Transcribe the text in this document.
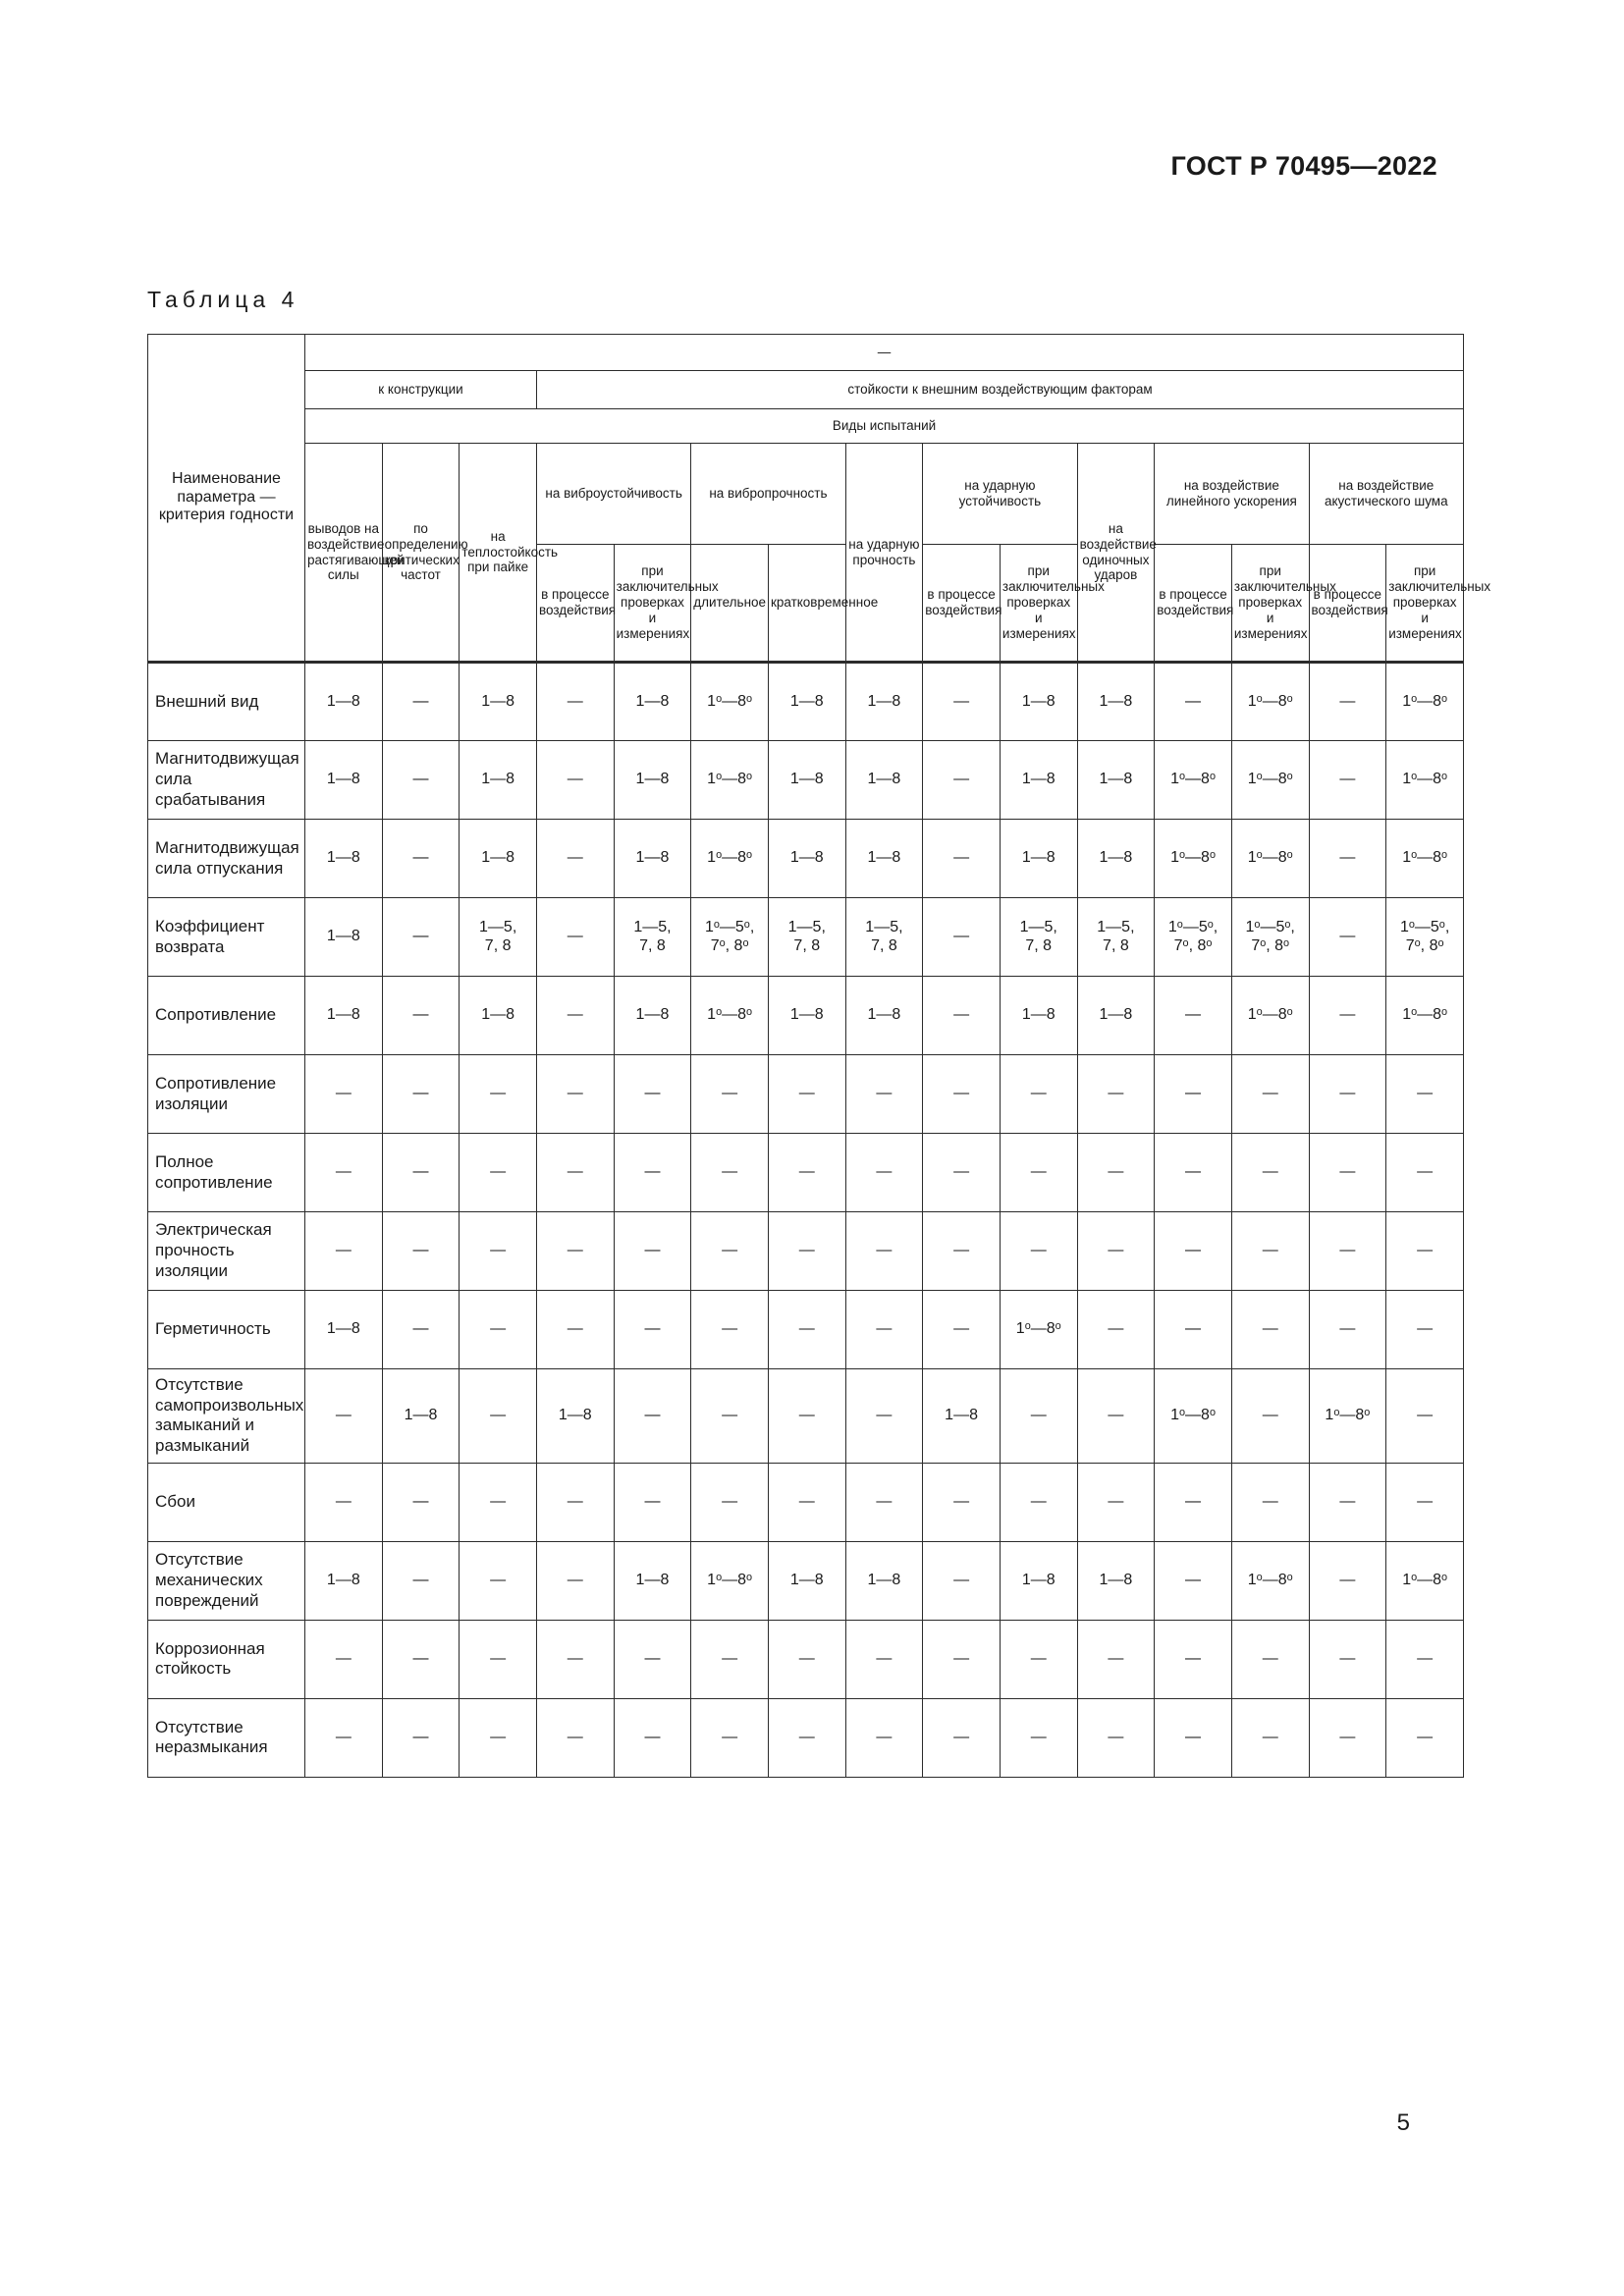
ГОСТ Р 70495—2022
Таблица 4
Наименование параметра — критерия годности	—														
	к конструкции			стойкости к внешним воздействующим факторам											
	Виды испытаний														
	выводов на воздействие растягивающей силы	по определению критических частот	на теплостойкость при пайке	на виброустойчивость		на вибропрочность		на ударную прочность	на ударную устойчивость		на воздействие одиночных ударов	на воздействие линейного ускорения		на воздействие акустического шума	
				в процессе воздействия	при заключительных проверках и измерениях	длительное	кратковременное		в процессе воздействия	при заключительных проверках и измерениях		в процессе воздействия	при заключительных проверках и измерениях	в процессе воздействия	при заключительных проверках и измерениях
Внешний вид	1—8	—	1—8	—	1—8	1ᵒ—8ᵒ	1—8	1—8	—	1—8	1—8	—	1ᵒ—8ᵒ	—	1ᵒ—8ᵒ
Магнитодвижущая сила срабатывания	1—8	—	1—8	—	1—8	1ᵒ—8ᵒ	1—8	1—8	—	1—8	1—8	1ᵒ—8ᵒ	1ᵒ—8ᵒ	—	1ᵒ—8ᵒ
Магнитодвижущая сила отпускания	1—8	—	1—8	—	1—8	1ᵒ—8ᵒ	1—8	1—8	—	1—8	1—8	1ᵒ—8ᵒ	1ᵒ—8ᵒ	—	1ᵒ—8ᵒ
Коэффициент возврата	1—8	—	1—5,
7, 8	—	1—5,
7, 8	1ᵒ—5ᵒ,
7ᵒ, 8ᵒ	1—5,
7, 8	1—5,
7, 8	—	1—5,
7, 8	1—5,
7, 8	1ᵒ—5ᵒ,
7ᵒ, 8ᵒ	1ᵒ—5ᵒ,
7ᵒ, 8ᵒ	—	1ᵒ—5ᵒ,
7ᵒ, 8ᵒ
Сопротивление	1—8	—	1—8	—	1—8	1ᵒ—8ᵒ	1—8	1—8	—	1—8	1—8	—	1ᵒ—8ᵒ	—	1ᵒ—8ᵒ
Сопротивление изоляции	—	—	—	—	—	—	—	—	—	—	—	—	—	—	—
Полное сопротивление	—	—	—	—	—	—	—	—	—	—	—	—	—	—	—
Электрическая прочность изоляции	—	—	—	—	—	—	—	—	—	—	—	—	—	—	—
Герметичность	1—8	—	—	—	—	—	—	—	—	1ᵒ—8ᵒ	—	—	—	—	—
Отсутствие самопроизвольных замыканий и размыканий	—	1—8	—	1—8	—	—	—	—	1—8	—	—	1ᵒ—8ᵒ	—	1ᵒ—8ᵒ	—
Сбои	—	—	—	—	—	—	—	—	—	—	—	—	—	—	—
Отсутствие механических повреждений	1—8	—	—	—	1—8	1ᵒ—8ᵒ	1—8	1—8	—	1—8	1—8	—	1ᵒ—8ᵒ	—	1ᵒ—8ᵒ
Коррозионная стойкость	—	—	—	—	—	—	—	—	—	—	—	—	—	—	—
Отсутствие неразмыкания	—	—	—	—	—	—	—	—	—	—	—	—	—	—	—
5
